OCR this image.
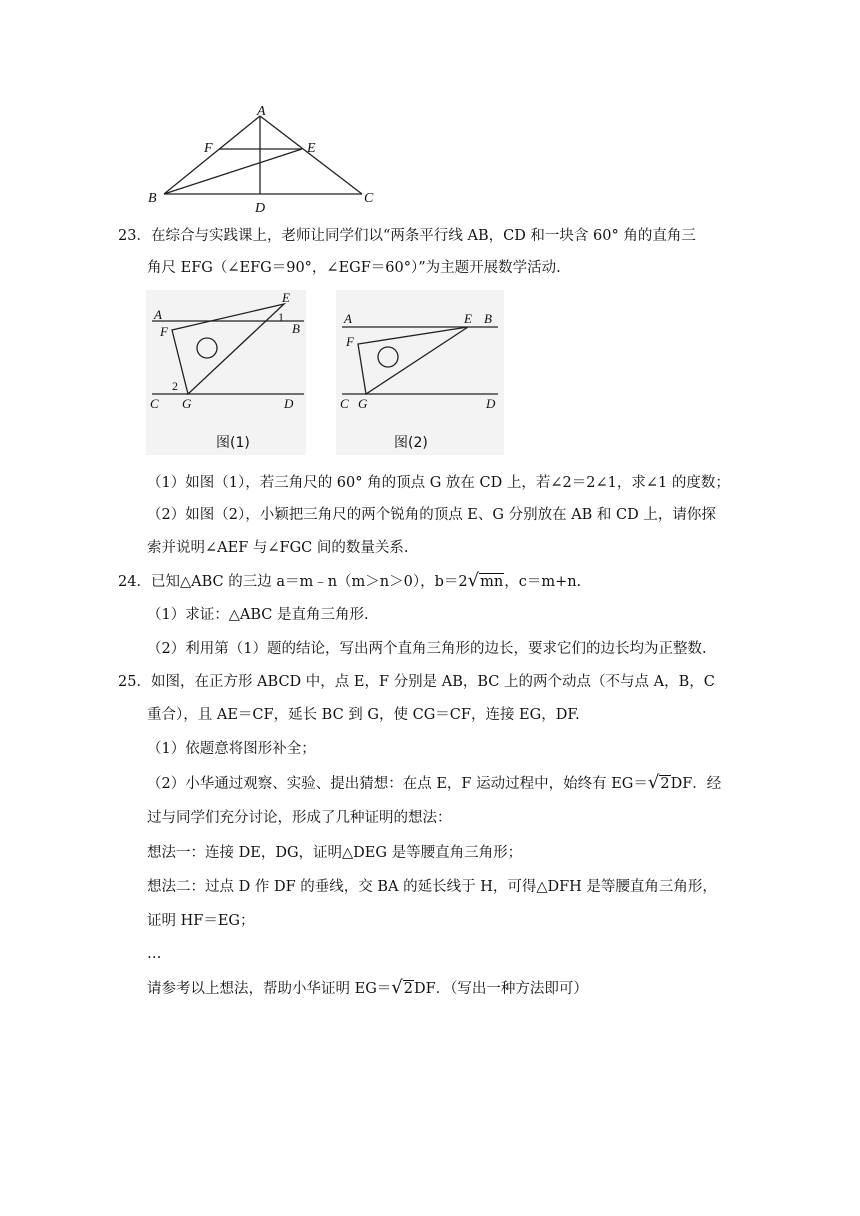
A
F	E
B
D
C
23．在综合与实践课上，老师让同学们以“两条平行线 AB，CD 和一块含 60° 角的直角三
角尺 EFG（∠EFG＝90°，∠EGF＝60°）”为主题开展数学活动.
A
E
B
F
C G	D
1
2
图(1)
A	E B
F
C G	D
图(2)
（1）如图（1），若三角尺的 60° 角的顶点 G 放在 CD 上，若∠2＝2∠1，求∠1 的度数；
（2）如图（2），小颖把三角尺的两个锐角的顶点 E、G 分别放在 AB 和 CD 上，请你探
索并说明∠AEF 与∠FGC 间的数量关系.
24．已知△ABC 的三边 a＝m﹣n（m＞n＞0），b＝2√mn，c＝m+n.
（1）求证：△ABC 是直角三角形.
（2）利用第（1）题的结论，写出两个直角三角形的边长，要求它们的边长均为正整数.
25．如图，在正方形 ABCD 中，点 E，F 分别是 AB，BC 上的两个动点（不与点 A，B，C
重合），且 AE＝CF，延长 BC 到 G，使 CG＝CF，连接 EG，DF.
（1）依题意将图形补全；
（2）小华通过观察、实验、提出猜想：在点 E，F 运动过程中，始终有 EG＝√2DF．经
过与同学们充分讨论，形成了几种证明的想法：
想法一：连接 DE，DG，证明△DEG 是等腰直角三角形；
想法二：过点 D 作 DF 的垂线，交 BA 的延长线于 H，可得△DFH 是等腰直角三角形，
证明 HF＝EG；
…
请参考以上想法，帮助小华证明 EG＝√2DF．（写出一种方法即可）
